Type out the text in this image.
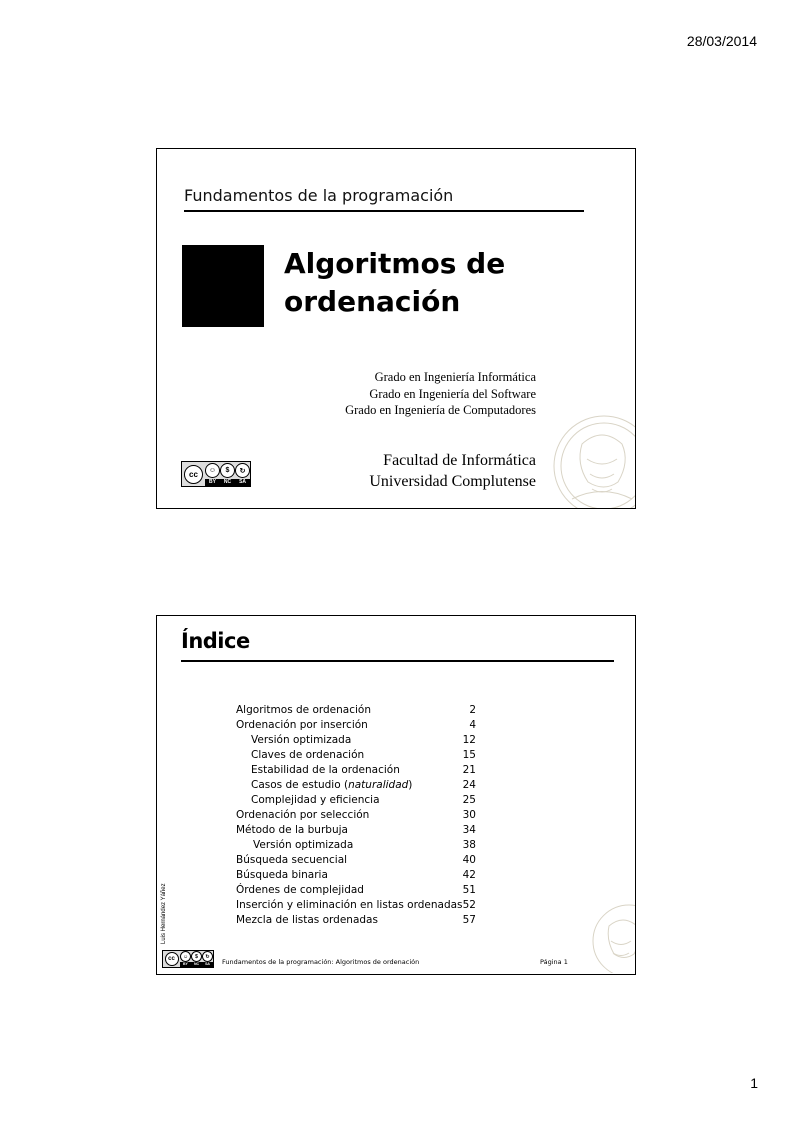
28/03/2014
Fundamentos de la programación
Algoritmos de
ordenación
Grado en Ingeniería Informática
Grado en Ingeniería del Software
Grado en Ingeniería de Computadores
Facultad de Informática
Universidad Complutense
cc	☺	$	↻
BY NC SA
Índice
Algoritmos de ordenación	2
Ordenación por inserción	4
Versión optimizada	12
Claves de ordenación	15
Estabilidad de la ordenación	21
Casos de estudio (naturalidad)	24
Complejidad y eficiencia	25
Ordenación por selección	30
Método de la burbuja	34
Versión optimizada	38
Búsqueda secuencial	40
Búsqueda binaria	42
Órdenes de complejidad	51
Inserción y eliminación en listas ordenadas 52
Mezcla de listas ordenadas	57
Luis Hernández Yáñez
cc	☺	$	↻
BY NC SA Fundamentos de la programación: Algoritmos de ordenación	Página 1
1
